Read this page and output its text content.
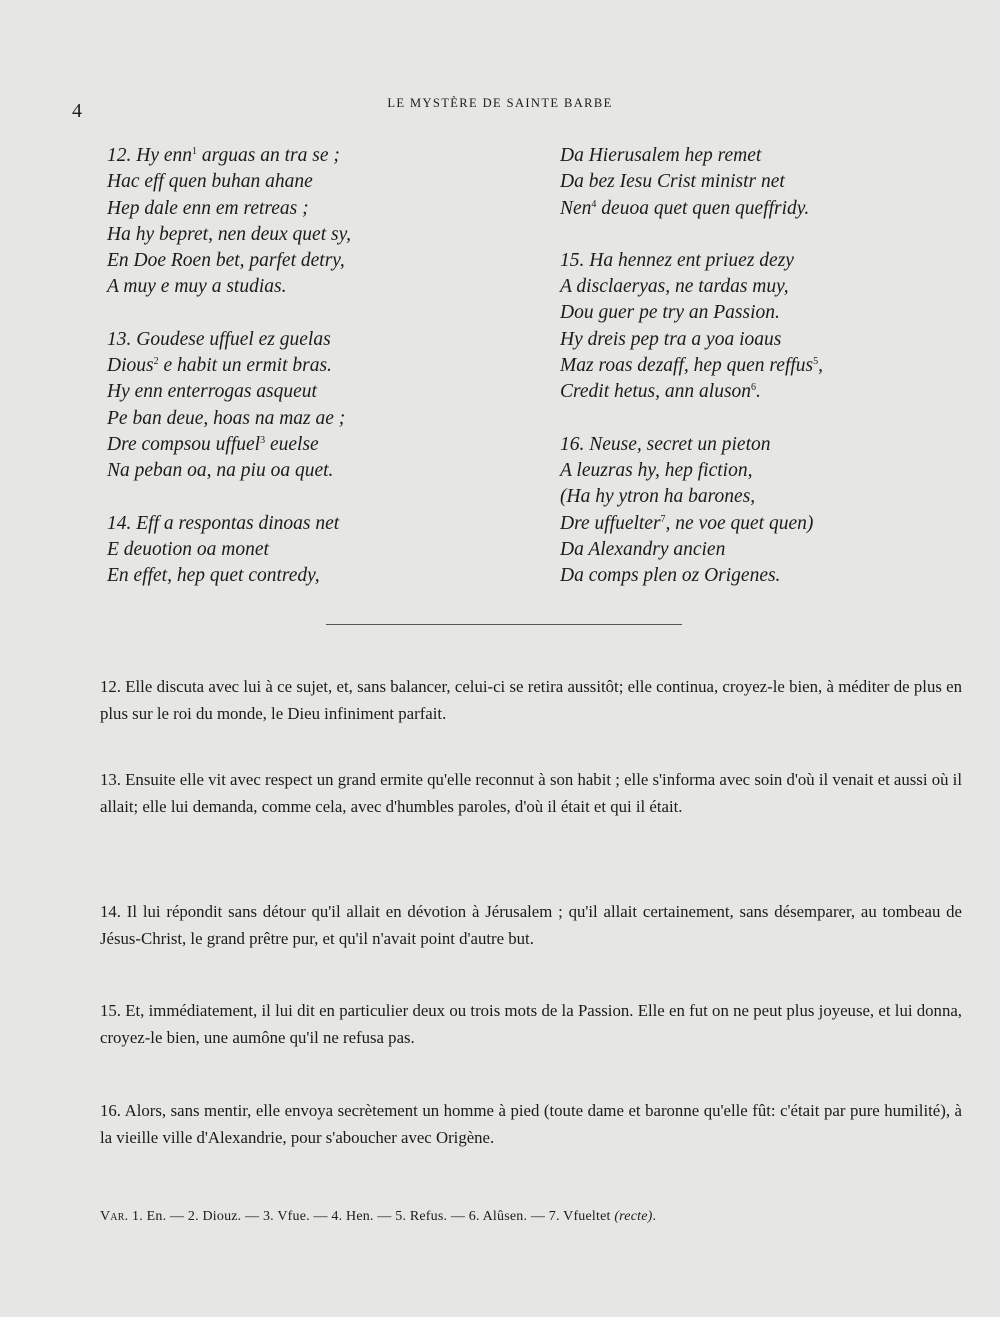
4	LE MYSTÈRE DE SAINTE BARBE
12. Hy enn$^1$ arguas an tra se ;
Hac eff quen buhan ahane
Hep dale enn em retreas ;
Ha hy bepret, nen deux quet sy,
En Doe Roen bet, parfet detry,
A muy e muy a studias.
13. Goudese uffuel ez guelas
Dious$^2$ e habit un ermit bras.
Hy enn enterrogas asqueut
Pe ban deue, hoas na maz ae ;
Dre compsou uffuel$^3$ euelse
Na peban oa, na piu oa quet.
14. Eff a respontas dinoas net
E deuotion oa monet
En effet, hep quet contredy,
Da Hierusalem hep remet
Da bez Iesu Crist ministr net
Nen$^4$ deuoa quet quen queffridy.
15. Ha hennez ent priuez dezy
A disclaeryas, ne tardas muy,
Dou guer pe try an Passion.
Hy dreis pep tra a yoa ioaus
Maz roas dezaff, hep quen reffus$^5$,
Credit hetus, ann aluson$^6$.
16. Neuse, secret un pieton
A leuzras hy, hep fiction,
(Ha hy ytron ha barones,
Dre uffuelter$^7$, ne voe quet quen)
Da Alexandry ancien
Da comps plen oz Origenes.

12. Elle discuta avec lui à ce sujet, et, sans balancer, celui-ci se retira aussitôt; elle continua, croyez-le bien, à méditer de plus en plus sur le roi du monde, le Dieu infiniment parfait.

13. Ensuite elle vit avec respect un grand ermite qu'elle reconnut à son habit ; elle s'informa avec soin d'où il venait et aussi où il allait; elle lui demanda, comme cela, avec d'humbles paroles, d'où il était et qui il était.

14. Il lui répondit sans détour qu'il allait en dévotion à Jérusalem ; qu'il allait certainement, sans désemparer, au tombeau de Jésus-Christ, le grand prêtre pur, et qu'il n'avait point d'autre but.

15. Et, immédiatement, il lui dit en particulier deux ou trois mots de la Passion. Elle en fut on ne peut plus joyeuse, et lui donna, croyez-le bien, une aumône qu'il ne refusa pas.

16. Alors, sans mentir, elle envoya secrètement un homme à pied (toute dame et baronne qu'elle fût: c'était par pure humilité), à la vieille ville d'Alexandrie, pour s'aboucher avec Origène.

Var. 1. En. — 2. Diouz. — 3. Vfue. — 4. Hen. — 5. Refus. — 6. Alûsen. — 7. Vfueltet (recte).
